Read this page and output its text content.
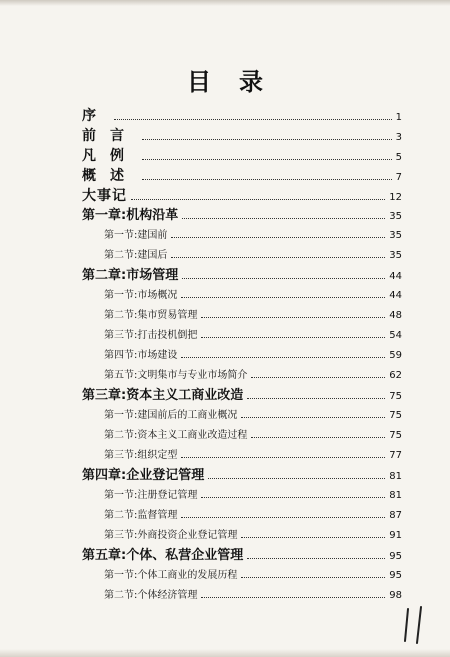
目录
序	1
前言	3
凡例	5
概述	7
大事记	12
第一章:机构沿革	35
第一节:建国前	35
第二节:建国后	35
第二章:市场管理	44
第一节:市场概况	44
第二节:集市贸易管理	48
第三节:打击投机倒把	54
第四节:市场建设	59
第五节:文明集市与专业市场简介	62
第三章:资本主义工商业改造	75
第一节:建国前后的工商业概况	75
第二节:资本主义工商业改造过程	75
第三节:组织定型	77
第四章:企业登记管理	81
第一节:注册登记管理	81
第二节:监督管理	87
第三节:外商投资企业登记管理	91
第五章:个体、私营企业管理	95
第一节:个体工商业的发展历程	95
第二节:个体经济管理	98
